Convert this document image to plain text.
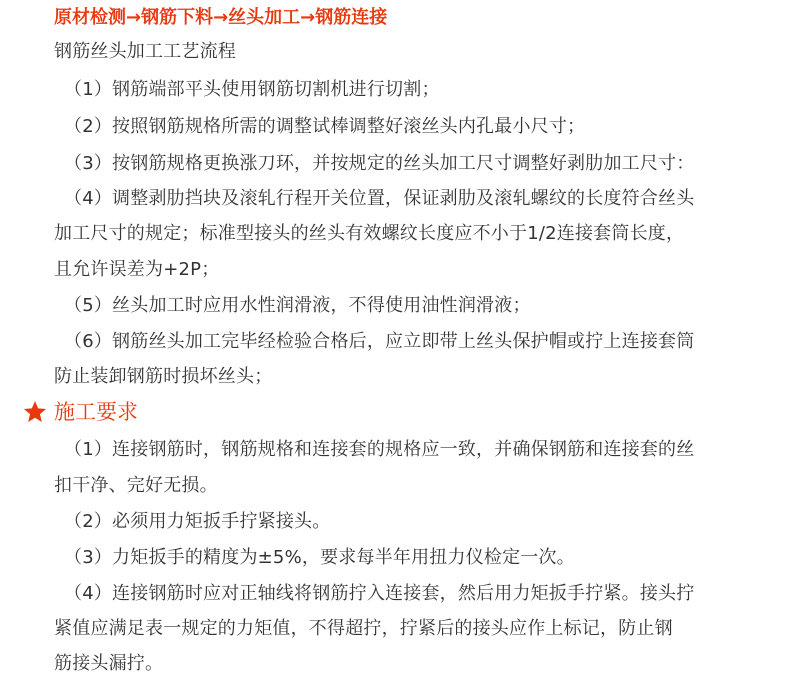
原材检测→钢筋下料→丝头加工→钢筋连接
钢筋丝头加工工艺流程
（1）钢筋端部平头使用钢筋切割机进行切割；
（2）按照钢筋规格所需的调整试棒调整好滚丝头内孔最小尺寸；
（3）按钢筋规格更换涨刀环，并按规定的丝头加工尺寸调整好剥肋加工尺寸：
（4）调整剥肋挡块及滚轧行程开关位置，保证剥肋及滚轧螺纹的长度符合丝头
加工尺寸的规定；标准型接头的丝头有效螺纹长度应不小于1/2连接套筒长度，
且允许误差为+2P；
（5）丝头加工时应用水性润滑液，不得使用油性润滑液；
（6）钢筋丝头加工完毕经检验合格后，应立即带上丝头保护帽或拧上连接套筒
防止装卸钢筋时损坏丝头；
施工要求
（1）连接钢筋时，钢筋规格和连接套的规格应一致，并确保钢筋和连接套的丝
扣干净、完好无损。
（2）必须用力矩扳手拧紧接头。
（3）力矩扳手的精度为±5%，要求每半年用扭力仪检定一次。
（4）连接钢筋时应对正轴线将钢筋拧入连接套，然后用力矩扳手拧紧。接头拧
紧值应满足表一规定的力矩值，不得超拧，拧紧后的接头应作上标记，防止钢
筋接头漏拧。
